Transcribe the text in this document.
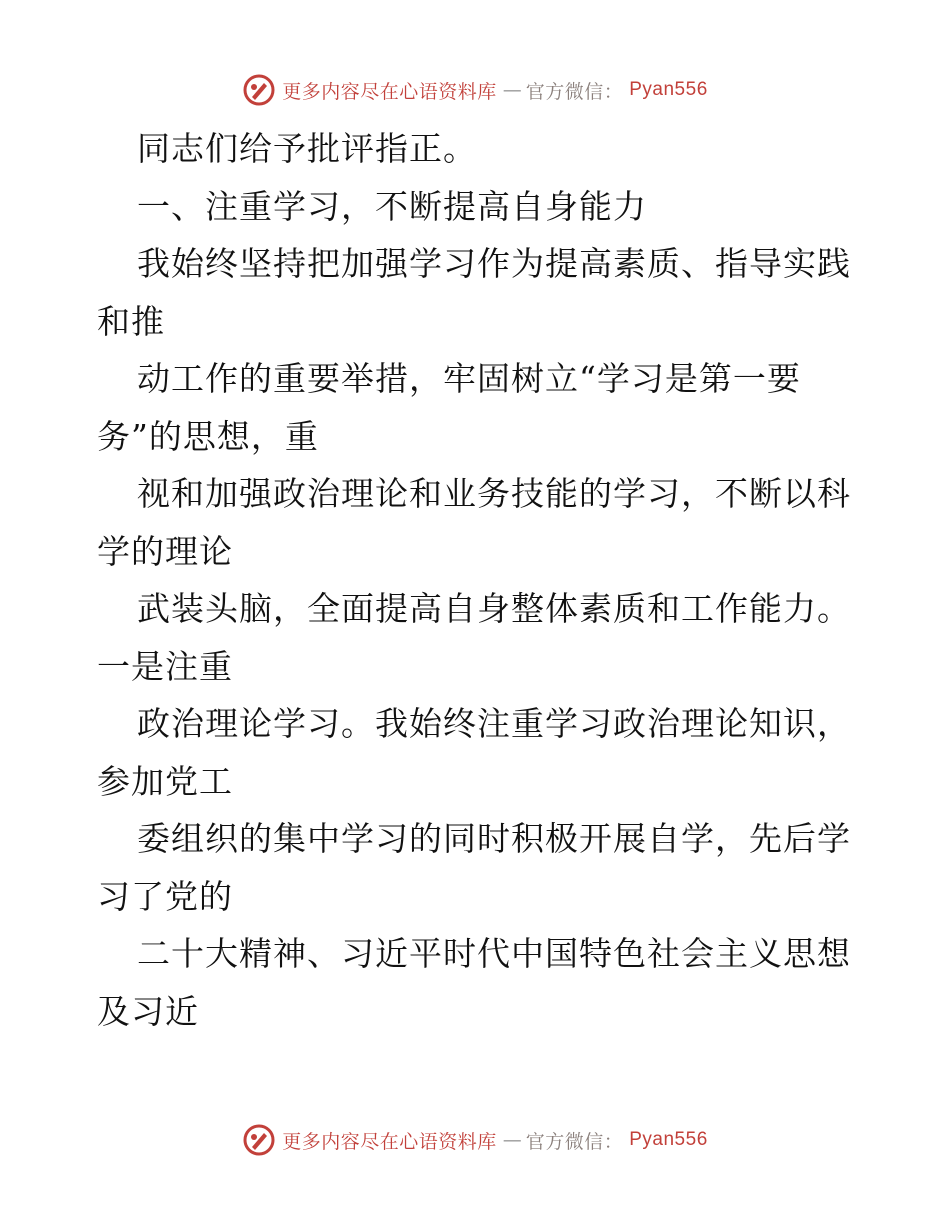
更多内容尽在心语资料库 — 官方微信： Pyan556
同志们给予批评指正。
一、注重学习，不断提高自身能力
我始终坚持把加强学习作为提高素质、指导实践
和推
动工作的重要举措，牢固树立“学习是第一要
务”的思想，重
视和加强政治理论和业务技能的学习，不断以科
学的理论
武装头脑，全面提高自身整体素质和工作能力。
一是注重
政治理论学习。我始终注重学习政治理论知识，
参加党工
委组织的集中学习的同时积极开展自学，先后学
习了党的
二十大精神、习近平时代中国特色社会主义思想
及习近
更多内容尽在心语资料库 — 官方微信： Pyan556
